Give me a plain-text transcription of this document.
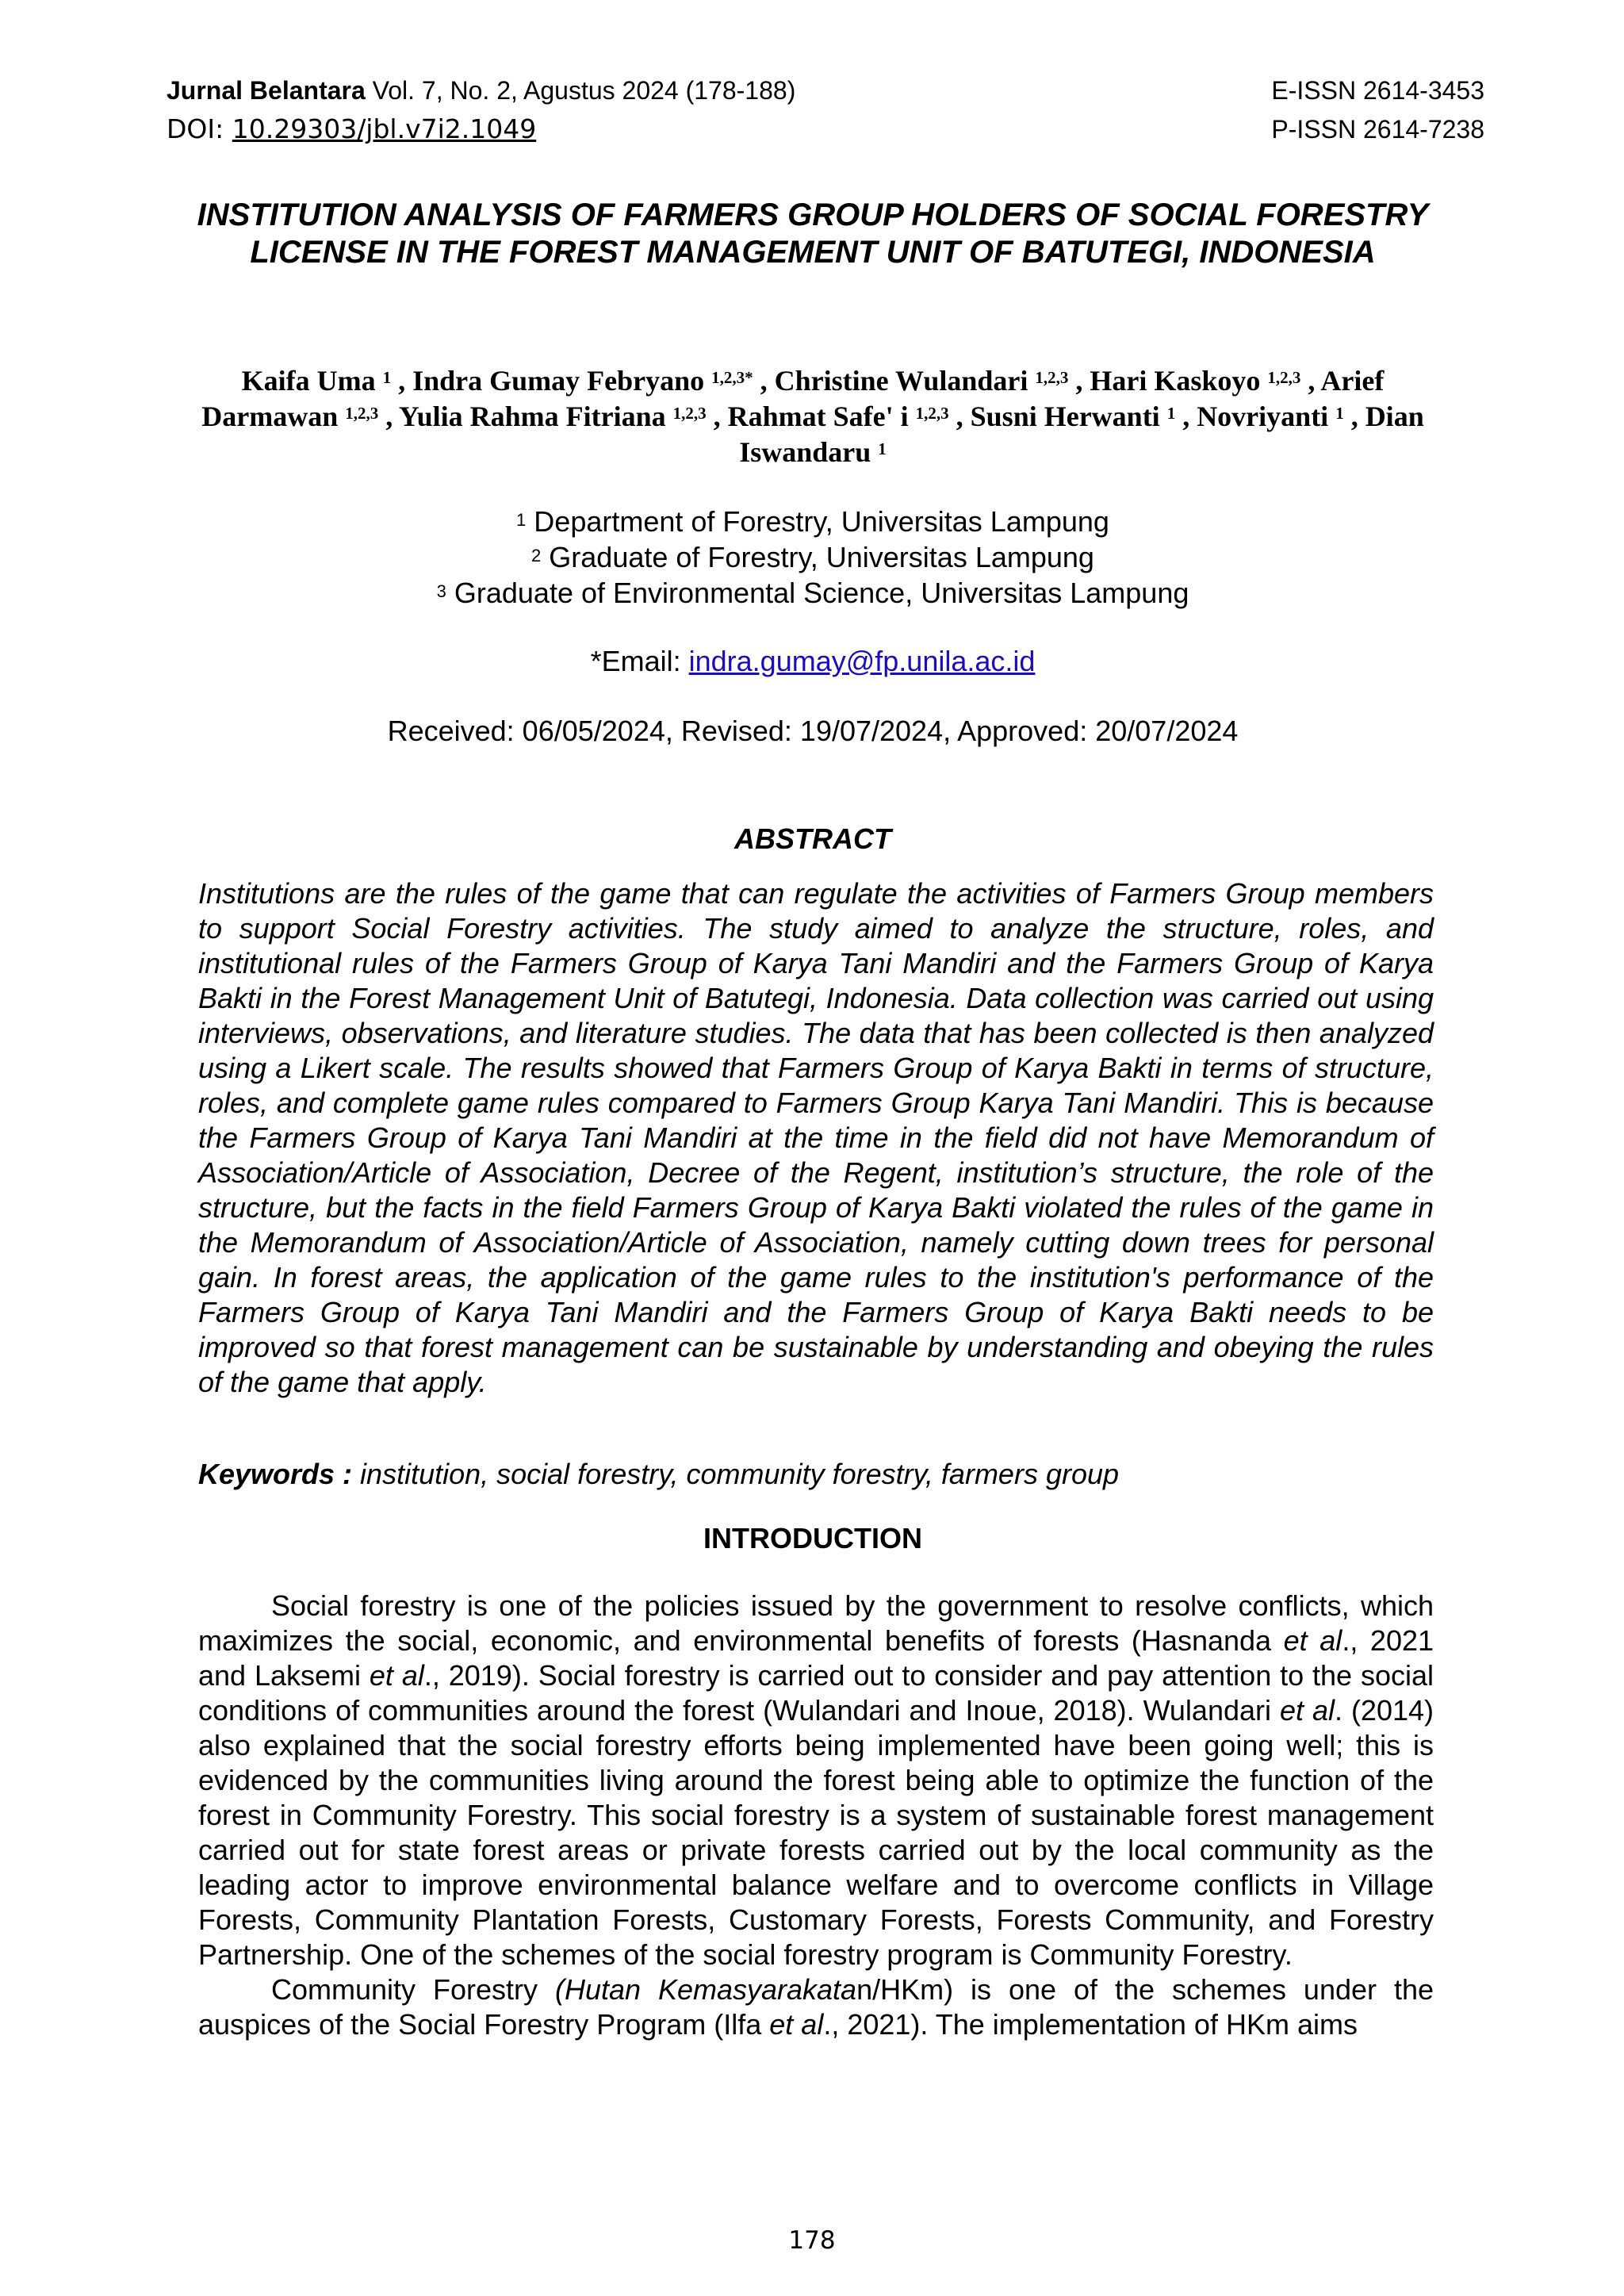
Jurnal Belantara Vol. 7, No. 2, Agustus 2024 (178-188)
DOI: 10.29303/jbl.v7i2.1049
E-ISSN 2614-3453
P-ISSN 2614-7238
INSTITUTION ANALYSIS OF FARMERS GROUP HOLDERS OF SOCIAL FORESTRY LICENSE IN THE FOREST MANAGEMENT UNIT OF BATUTEGI, INDONESIA
Kaifa Uma $^1$ , Indra Gumay Febryano $^{1,2,3*}$ , Christine Wulandari $^{1,2,3}$ , Hari Kaskoyo $^{1,2,3}$ , Arief Darmawan $^{1,2,3}$ , Yulia Rahma Fitriana $^{1,2,3}$ , Rahmat Safe' i $^{1,2,3}$ , Susni Herwanti $^1$ , Novriyanti $^1$ , Dian Iswandaru $^1$
$^1$ Department of Forestry, Universitas Lampung
$^2$ Graduate of Forestry, Universitas Lampung
$^3$ Graduate of Environmental Science, Universitas Lampung
*Email: indra.gumay@fp.unila.ac.id
Received: 06/05/2024, Revised: 19/07/2024, Approved: 20/07/2024
ABSTRACT
Institutions are the rules of the game that can regulate the activities of Farmers Group members to support Social Forestry activities. The study aimed to analyze the structure, roles, and institutional rules of the Farmers Group of Karya Tani Mandiri and the Farmers Group of Karya Bakti in the Forest Management Unit of Batutegi, Indonesia. Data collection was carried out using interviews, observations, and literature studies. The data that has been collected is then analyzed using a Likert scale. The results showed that Farmers Group of Karya Bakti in terms of structure, roles, and complete game rules compared to Farmers Group Karya Tani Mandiri. This is because the Farmers Group of Karya Tani Mandiri at the time in the field did not have Memorandum of Association/Article of Association, Decree of the Regent, institution’s structure, the role of the structure, but the facts in the field Farmers Group of Karya Bakti violated the rules of the game in the Memorandum of Association/Article of Association, namely cutting down trees for personal gain. In forest areas, the application of the game rules to the institution's performance of the Farmers Group of Karya Tani Mandiri and the Farmers Group of Karya Bakti needs to be improved so that forest management can be sustainable by understanding and obeying the rules of the game that apply.
Keywords : institution, social forestry, community forestry, farmers group
INTRODUCTION
Social forestry is one of the policies issued by the government to resolve conflicts, which maximizes the social, economic, and environmental benefits of forests (Hasnanda et al., 2021 and Laksemi et al., 2019). Social forestry is carried out to consider and pay attention to the social conditions of communities around the forest (Wulandari and Inoue, 2018). Wulandari et al. (2014) also explained that the social forestry efforts being implemented have been going well; this is evidenced by the communities living around the forest being able to optimize the function of the forest in Community Forestry. This social forestry is a system of sustainable forest management carried out for state forest areas or private forests carried out by the local community as the leading actor to improve environmental balance welfare and to overcome conflicts in Village Forests, Community Plantation Forests, Customary Forests, Forests Community, and Forestry Partnership. One of the schemes of the social forestry program is Community Forestry.
Community Forestry (Hutan Kemasyarakatan/HKm) is one of the schemes under the auspices of the Social Forestry Program (Ilfa et al., 2021). The implementation of HKm aims
178
